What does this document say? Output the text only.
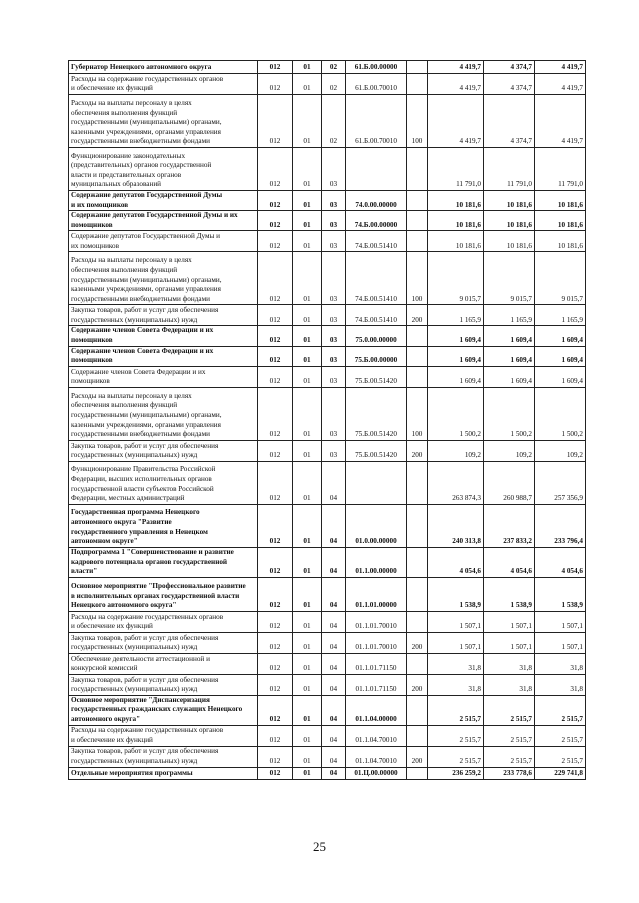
Губернатор Ненецкого автономного округа	012	01	02	61.Б.00.00000		4 419,7	4 374,7	4 419,7
Расходы на содержание государственных органов
и обеспечение их функций	012	01	02	61.Б.00.70010		4 419,7	4 374,7	4 419,7
Расходы на выплаты персоналу в целях
обеспечения выполнения функций
государственными (муниципальными) органами,
казенными учреждениями, органами управления
государственными внебюджетными фондами	012	01	02	61.Б.00.70010	100	4 419,7	4 374,7	4 419,7
Функционирование законодательных
(представительных) органов государственной
власти и представительных органов
муниципальных образований	012	01	03			11 791,0	11 791,0	11 791,0
Содержание депутатов Государственной Думы
и их помощников	012	01	03	74.0.00.00000		10 181,6	10 181,6	10 181,6
Содержание депутатов Государственной Думы и их
помощников	012	01	03	74.Б.00.00000		10 181,6	10 181,6	10 181,6
Содержание депутатов Государственной Думы и
их помощников	012	01	03	74.Б.00.51410		10 181,6	10 181,6	10 181,6
Расходы на выплаты персоналу в целях
обеспечения выполнения функций
государственными (муниципальными) органами,
казенными учреждениями, органами управления
государственными внебюджетными фондами	012	01	03	74.Б.00.51410	100	9 015,7	9 015,7	9 015,7
Закупка товаров, работ и услуг для обеспечения
государственных (муниципальных) нужд	012	01	03	74.Б.00.51410	200	1 165,9	1 165,9	1 165,9
Содержание членов Совета Федерации и их
помощников	012	01	03	75.0.00.00000		1 609,4	1 609,4	1 609,4
Содержание членов Совета Федерации и их
помощников	012	01	03	75.Б.00.00000		1 609,4	1 609,4	1 609,4
Содержание членов Совета Федерации и их
помощников	012	01	03	75.Б.00.51420		1 609,4	1 609,4	1 609,4
Расходы на выплаты персоналу в целях
обеспечения выполнения функций
государственными (муниципальными) органами,
казенными учреждениями, органами управления
государственными внебюджетными фондами	012	01	03	75.Б.00.51420	100	1 500,2	1 500,2	1 500,2
Закупка товаров, работ и услуг для обеспечения
государственных (муниципальных) нужд	012	01	03	75.Б.00.51420	200	109,2	109,2	109,2
Функционирование Правительства Российской
Федерации, высших исполнительных органов
государственной власти субъектов Российской
Федерации, местных администраций	012	01	04			263 874,3	260 988,7	257 356,9
Государственная программа Ненецкого
автономного округа "Развитие
государственного управления в Ненецком
автономном округе"	012	01	04	01.0.00.00000		240 313,8	237 833,2	233 796,4
Подпрограмма 1 "Совершенствование и развитие
кадрового потенциала органов государственной
власти"	012	01	04	01.1.00.00000		4 054,6	4 054,6	4 054,6
Основное мероприятие "Профессиональное развитие
в исполнительных органах государственной власти
Ненецкого автономного округа"	012	01	04	01.1.01.00000		1 538,9	1 538,9	1 538,9
Расходы на содержание государственных органов
и обеспечение их функций	012	01	04	01.1.01.70010		1 507,1	1 507,1	1 507,1
Закупка товаров, работ и услуг для обеспечения
государственных (муниципальных) нужд	012	01	04	01.1.01.70010	200	1 507,1	1 507,1	1 507,1
Обеспечение деятельности аттестационной и
конкурсной комиссий	012	01	04	01.1.01.71150		31,8	31,8	31,8
Закупка товаров, работ и услуг для обеспечения
государственных (муниципальных) нужд	012	01	04	01.1.01.71150	200	31,8	31,8	31,8
Основное мероприятие "Диспансеризация
государственных гражданских служащих Ненецкого
автономного округа"	012	01	04	01.1.04.00000		2 515,7	2 515,7	2 515,7
Расходы на содержание государственных органов
и обеспечение их функций	012	01	04	01.1.04.70010		2 515,7	2 515,7	2 515,7
Закупка товаров, работ и услуг для обеспечения
государственных (муниципальных) нужд	012	01	04	01.1.04.70010	200	2 515,7	2 515,7	2 515,7
Отдельные мероприятия программы	012	01	04	01.Ц.00.00000		236 259,2	233 778,6	229 741,8
25
